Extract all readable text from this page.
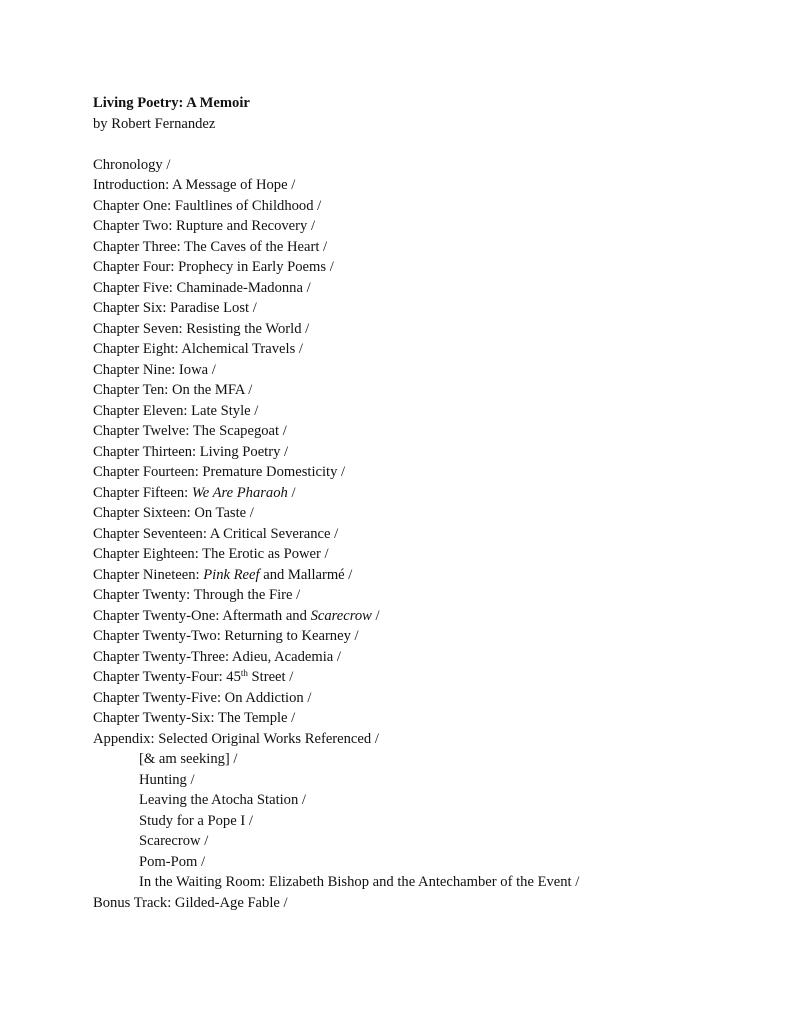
Living Poetry: A Memoir
by Robert Fernandez
Chronology /
Introduction: A Message of Hope /
Chapter One: Faultlines of Childhood /
Chapter Two: Rupture and Recovery /
Chapter Three: The Caves of the Heart /
Chapter Four: Prophecy in Early Poems /
Chapter Five: Chaminade-Madonna /
Chapter Six: Paradise Lost /
Chapter Seven: Resisting the World /
Chapter Eight: Alchemical Travels /
Chapter Nine: Iowa /
Chapter Ten: On the MFA /
Chapter Eleven: Late Style /
Chapter Twelve: The Scapegoat /
Chapter Thirteen: Living Poetry /
Chapter Fourteen: Premature Domesticity /
Chapter Fifteen: We Are Pharaoh /
Chapter Sixteen: On Taste /
Chapter Seventeen: A Critical Severance /
Chapter Eighteen: The Erotic as Power /
Chapter Nineteen: Pink Reef and Mallarmé /
Chapter Twenty: Through the Fire /
Chapter Twenty-One: Aftermath and Scarecrow /
Chapter Twenty-Two: Returning to Kearney /
Chapter Twenty-Three: Adieu, Academia /
Chapter Twenty-Four: 45th Street /
Chapter Twenty-Five: On Addiction /
Chapter Twenty-Six: The Temple /
Appendix: Selected Original Works Referenced /
[& am seeking] /
Hunting /
Leaving the Atocha Station /
Study for a Pope I /
Scarecrow /
Pom-Pom /
In the Waiting Room: Elizabeth Bishop and the Antechamber of the Event /
Bonus Track: Gilded-Age Fable /
